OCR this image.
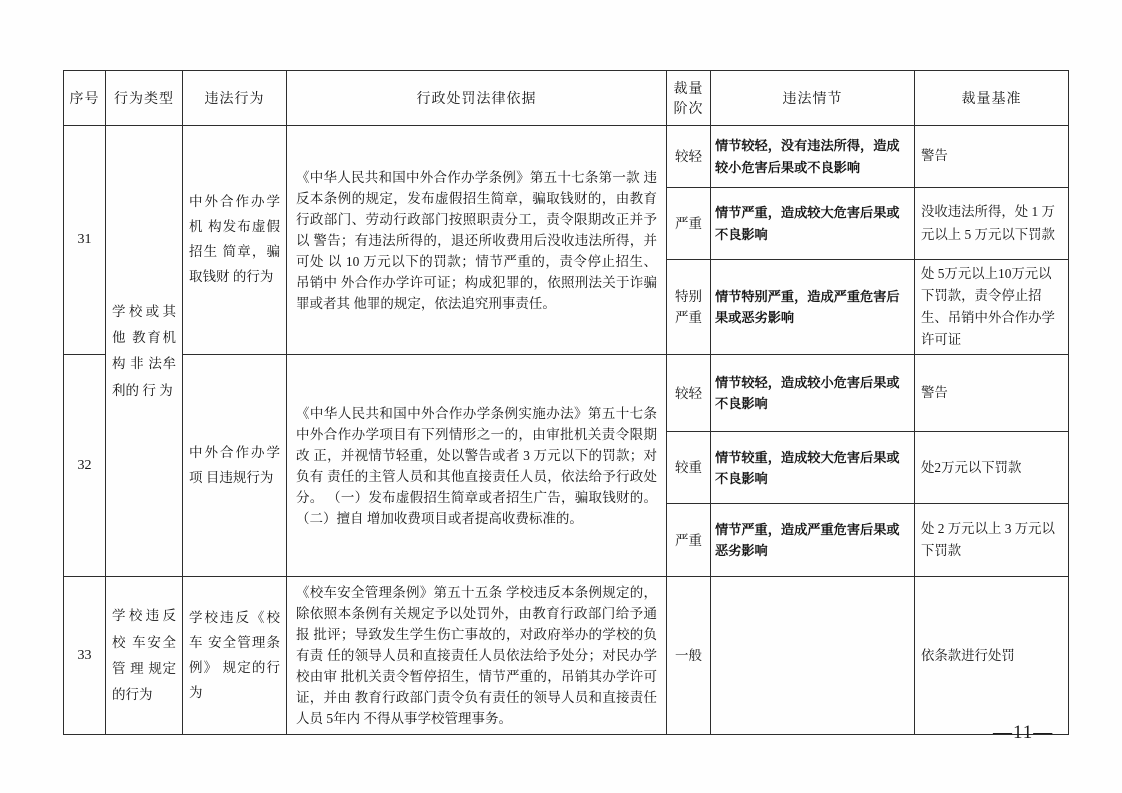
序号	行为类型	违法行为	行政处罚法律依据	裁量阶次	违法情节	裁量基准
31	学校或其他 教育机构 非 法牟利的 行 为	中外合作办学机 构发布虚假招生 简章，骗取钱财 的行为	《中华人民共和国中外合作办学条例》第五十七条第一款 违反本条例的规定，发布虚假招生简章，骗取钱财的，由教育 行政部门、劳动行政部门按照职责分工，责令限期改正并予以 警告；有违法所得的，退还所收费用后没收违法所得，并可处 以 10 万元以下的罚款；情节严重的，责令停止招生、吊销中 外合作办学许可证；构成犯罪的，依照刑法关于诈骗罪或者其 他罪的规定，依法追究刑事责任。	较轻	情节较轻，没有违法所得，造成较小危害后果或不良影响	警告
				严重	情节严重，造成较大危害后果或不良影响	没收违法所得，处 1 万元以上 5 万元以下罚款
				特别严重	情节特别严重，造成严重危害后果或恶劣影响	处 5万元以上10万元以下罚款，责令停止招生、吊销中外合作办学许可证
32		中外合作办学项 目违规行为	《中华人民共和国中外合作办学条例实施办法》第五十七条 中外合作办学项目有下列情形之一的，由审批机关责令限期改 正，并视情节轻重，处以警告或者 3 万元以下的罚款；对负有 责任的主管人员和其他直接责任人员，依法给予行政处分。 （一）发布虚假招生简章或者招生广告，骗取钱财的。（二）擅自 增加收费项目或者提高收费标准的。	较轻	情节较轻，造成较小危害后果或不良影响	警告
				较重	情节较重，造成较大危害后果或不良影响	处2万元以下罚款
				严重	情节严重，造成严重危害后果或恶劣影响	处 2 万元以上 3 万元以下罚款
33	学校违反校 车安全管 理 规定的行为	学校违反《校车 安全管理条例》 规定的行为	《校车安全管理条例》第五十五条 学校违反本条例规定的， 除依照本条例有关规定予以处罚外，由教育行政部门给予通报 批评；导致发生学生伤亡事故的，对政府举办的学校的负有责 任的领导人员和直接责任人员依法给予处分；对民办学校由审 批机关责令暂停招生，情节严重的，吊销其办学许可证，并由 教育行政部门责令负有责任的领导人员和直接责任人员 5年内 不得从事学校管理事务。	一般		依条款进行处罚
—11—
